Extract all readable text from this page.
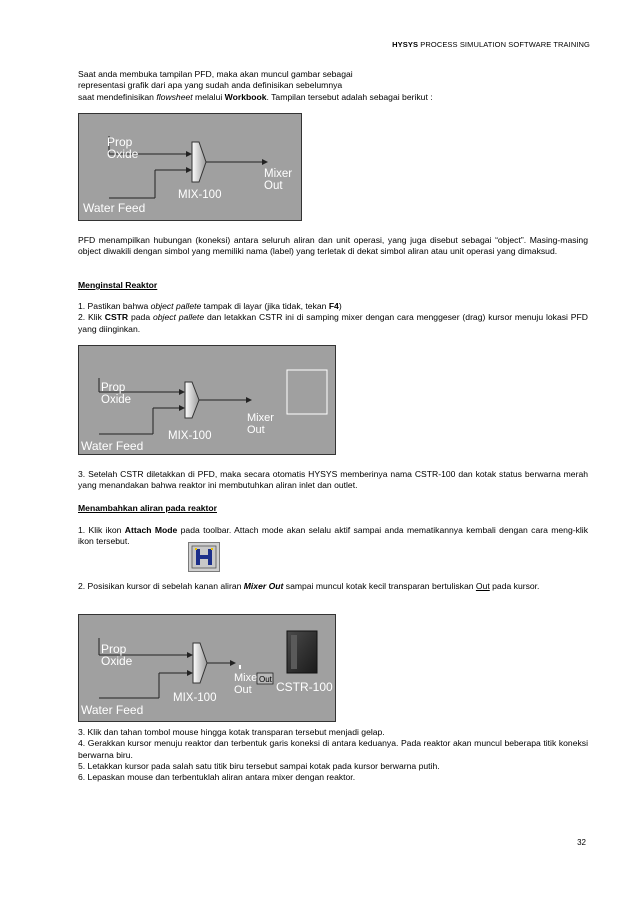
HYSYS PROCESS SIMULATION SOFTWARE TRAINING
Saat anda membuka tampilan PFD, maka akan muncul gambar sebagai
representasi grafik dari apa yang sudah anda definisikan sebelumnya
saat mendefinisikan flowsheet melalui Workbook. Tampilan tersebut adalah sebagai berikut :
Prop
Oxide
Mixer
Out
MIX-100
Water Feed
PFD menampilkan hubungan (koneksi) antara seluruh aliran dan unit operasi, yang juga disebut sebagai “object”. Masing-masing object diwakili dengan simbol yang memiliki nama (label) yang terletak di dekat simbol aliran atau unit operasi yang dimaksud.
Menginstal Reaktor
1. Pastikan bahwa object pallete tampak di layar (jika tidak, tekan F4)
2. Klik CSTR pada object pallete dan letakkan CSTR ini di samping mixer dengan cara menggeser (drag) kursor menuju lokasi PFD yang diinginkan.
Prop
Oxide
Mixer
Out
MIX-100
Water Feed
3. Setelah CSTR diletakkan di PFD, maka secara otomatis HYSYS memberinya nama CSTR-100 dan kotak status berwarna merah yang menandakan bahwa reaktor ini membutuhkan aliran inlet dan outlet.
Menambahkan aliran pada reaktor
1. Klik ikon Attach Mode pada toolbar. Attach mode akan selalu aktif sampai anda mematikannya kembali dengan cara meng-klik ikon tersebut.
2. Posisikan kursor di sebelah kanan aliran Mixer Out sampai muncul kotak kecil transparan bertuliskan Out pada kursor.
Prop
Oxide
Mixe
Out
Out
CSTR-100
MIX-100
Water Feed
3. Klik dan tahan tombol mouse hingga kotak transparan tersebut menjadi gelap.
4. Gerakkan kursor menuju reaktor dan terbentuk garis koneksi di antara keduanya. Pada reaktor akan muncul beberapa titik koneksi berwarna biru.
5. Letakkan kursor pada salah satu titik biru tersebut sampai kotak pada kursor berwarna putih.
6. Lepaskan mouse dan terbentuklah aliran antara mixer dengan reaktor.
32
